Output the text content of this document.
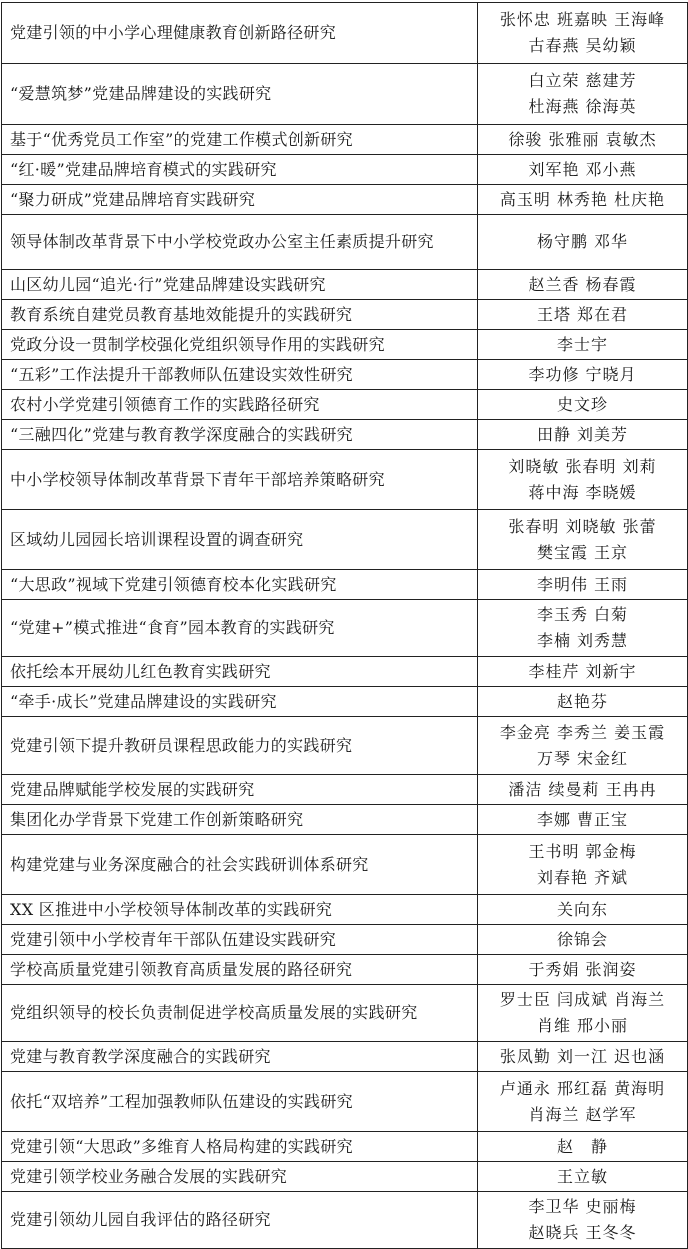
党建引领的中小学心理健康教育创新路径研究	张怀忠 班嘉映 王海峰
古春燕 吴幼颖

“爱慧筑梦”党建品牌建设的实践研究	白立荣 慈建芳
杜海燕 徐海英

基于“优秀党员工作室”的党建工作模式创新研究	徐骏 张雅丽 袁敏杰

“红·暖”党建品牌培育模式的实践研究	刘军艳 邓小燕

“聚力研成”党建品牌培育实践研究	高玉明 林秀艳 杜庆艳

领导体制改革背景下中小学校党政办公室主任素质提升研究	杨守鹏 邓华

山区幼儿园“追光·行”党建品牌建设实践研究	赵兰香 杨春霞

教育系统自建党员教育基地效能提升的实践研究	王塔 郑在君

党政分设一贯制学校强化党组织领导作用的实践研究	李士宇

“五彩”工作法提升干部教师队伍建设实效性研究	李功修 宁晓月

农村小学党建引领德育工作的实践路径研究	史文珍

“三融四化”党建与教育教学深度融合的实践研究	田静 刘美芳

中小学校领导体制改革背景下青年干部培养策略研究	刘晓敏 张春明 刘莉
蒋中海 李晓媛

区域幼儿园园长培训课程设置的调查研究	张春明 刘晓敏 张蕾
樊宝霞 王京

“大思政”视域下党建引领德育校本化实践研究	李明伟 王雨

“党建+”模式推进“食育”园本教育的实践研究	李玉秀 白菊
李楠 刘秀慧

依托绘本开展幼儿红色教育实践研究	李桂芹 刘新宇

“牵手·成长”党建品牌建设的实践研究	赵艳芬

党建引领下提升教研员课程思政能力的实践研究	李金亮 李秀兰 姜玉霞
万琴 宋金红

党建品牌赋能学校发展的实践研究	潘洁 续曼莉 王冉冉

集团化办学背景下党建工作创新策略研究	李娜 曹正宝

构建党建与业务深度融合的社会实践研训体系研究	王书明 郭金梅
刘春艳 齐斌

XX 区推进中小学校领导体制改革的实践研究	关向东

党建引领中小学校青年干部队伍建设实践研究	徐锦会

学校高质量党建引领教育高质量发展的路径研究	于秀娟 张润姿

党组织领导的校长负责制促进学校高质量发展的实践研究	罗士臣 闫成斌 肖海兰
肖维 邢小丽

党建与教育教学深度融合的实践研究	张凤勤 刘一江 迟也涵

依托“双培养”工程加强教师队伍建设的实践研究	卢通永 邢红磊 黄海明
肖海兰 赵学军

党建引领“大思政”多维育人格局构建的实践研究	赵　静

党建引领学校业务融合发展的实践研究	王立敏

党建引领幼儿园自我评估的路径研究	李卫华 史丽梅
赵晓兵 王冬冬
